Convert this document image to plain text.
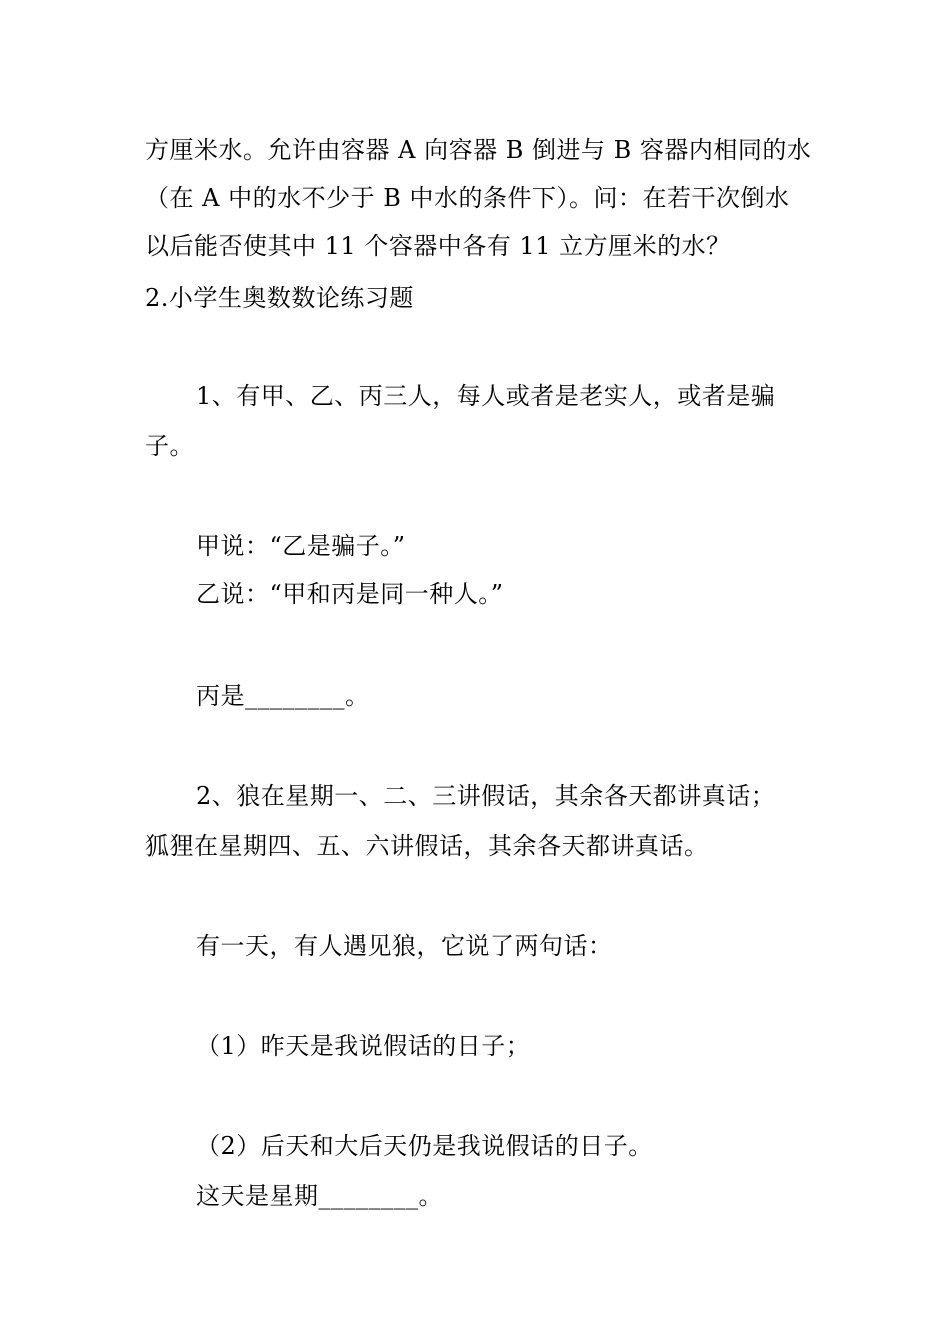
方厘米水。允许由容器 A 向容器 B 倒进与 B 容器内相同的水
（在 A 中的水不少于 B 中水的条件下）。问：在若干次倒水
以后能否使其中 11 个容器中各有 11 立方厘米的水？
2.小学生奥数数论练习题
1、有甲、乙、丙三人，每人或者是老实人，或者是骗
子。
甲说：“乙是骗子。”
乙说：“甲和丙是同一种人。”
丙是________。
2、狼在星期一、二、三讲假话，其余各天都讲真话；
狐狸在星期四、五、六讲假话，其余各天都讲真话。
有一天，有人遇见狼，它说了两句话：
（1）昨天是我说假话的日子；
（2）后天和大后天仍是我说假话的日子。
这天是星期________。
